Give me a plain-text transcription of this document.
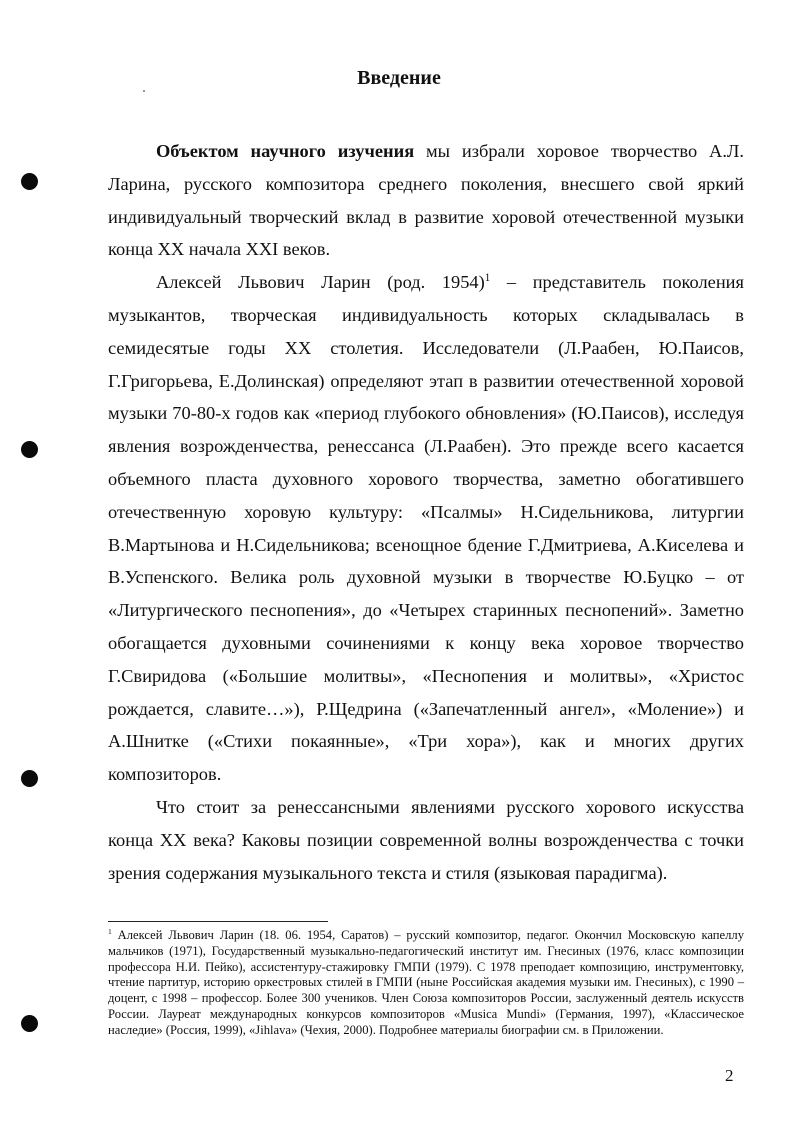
Введение

Объектом научного изучения мы избрали хоровое творчество А.Л. Ларина, русского композитора среднего поколения, внесшего свой яркий индивидуальный творческий вклад в развитие хоровой отечественной музыки конца XX начала XXI веков.

Алексей Львович Ларин (род. 1954)$^1$ – представитель поколения музыкантов, творческая индивидуальность которых складывалась в семидесятые годы XX столетия. Исследователи (Л.Раабен, Ю.Паисов, Г.Григорьева, Е.Долинская) определяют этап в развитии отечественной хоровой музыки 70-80-х годов как «период глубокого обновления» (Ю.Паисов), исследуя явления возрожденчества, ренессанса (Л.Раабен). Это прежде всего касается объемного пласта духовного хорового творчества, заметно обогатившего отечественную хоровую культуру: «Псалмы» Н.Сидельникова, литургии В.Мартынова и Н.Сидельникова; всенощное бдение Г.Дмитриева, А.Киселева и В.Успенского. Велика роль духовной музыки в творчестве Ю.Буцко – от «Литургического песнопения», до «Четырех старинных песнопений». Заметно обогащается духовными сочинениями к концу века хоровое творчество Г.Свиридова («Большие молитвы», «Песнопения и молитвы», «Христос рождается, славите…»), Р.Щедрина («Запечатленный ангел», «Моление») и А.Шнитке («Стихи покаянные», «Три хора»), как и многих других композиторов.

Что стоит за ренессансными явлениями русского хорового искусства конца XX века? Каковы позиции современной волны возрожденчества с точки зрения содержания музыкального текста и стиля (языковая парадигма).

$^1$ Алексей Львович Ларин (18. 06. 1954, Саратов) – русский композитор, педагог. Окончил Московскую капеллу мальчиков (1971), Государственный музыкально-педагогический институт им. Гнесиных (1976, класс композиции профессора Н.И. Пейко), ассистентуру-стажировку ГМПИ (1979). С 1978 преподает композицию, инструментовку, чтение партитур, историю оркестровых стилей в ГМПИ (ныне Российская академия музыки им. Гнесиных), с 1990 – доцент, с 1998 – профессор. Более 300 учеников. Член Союза композиторов России, заслуженный деятель искусств России. Лауреат международных конкурсов композиторов «Musica Mundi» (Германия, 1997), «Классическое наследие» (Россия, 1999), «Jihlava» (Чехия, 2000). Подробнее материалы биографии см. в Приложении.

2
